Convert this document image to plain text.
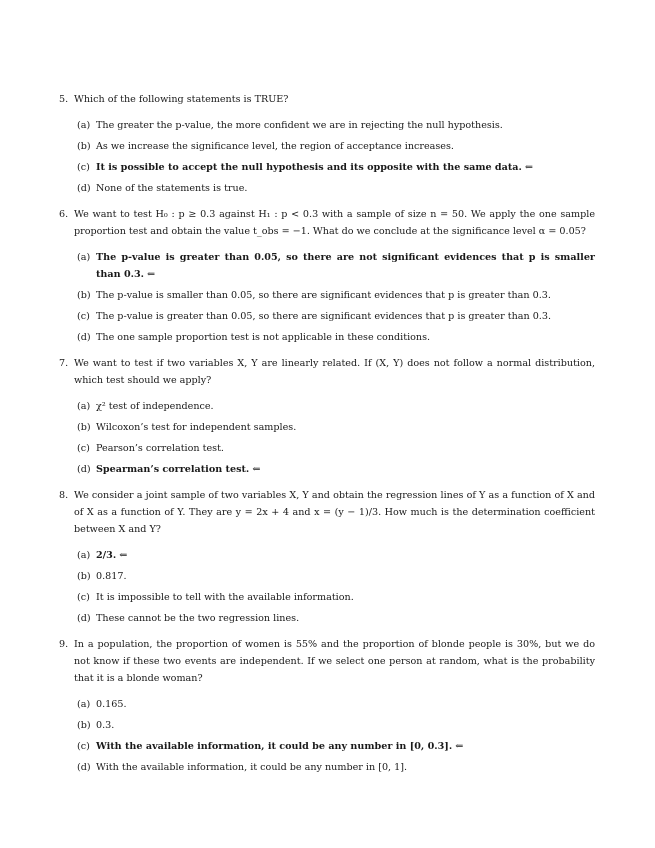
5. Which of the following statements is TRUE?
(a) The greater the p-value, the more confident we are in rejecting the null hypothesis.
(b) As we increase the significance level, the region of acceptance increases.
(c) It is possible to accept the null hypothesis and its opposite with the same data. ⇐
(d) None of the statements is true.
6. We want to test H₀ : p ≥ 0.3 against H₁ : p < 0.3 with a sample of size n = 50. We apply the one sample proportion test and obtain the value t_obs = −1. What do we conclude at the significance level α = 0.05?
(a) The p-value is greater than 0.05, so there are not significant evidences that p is smaller than 0.3. ⇐
(b) The p-value is smaller than 0.05, so there are significant evidences that p is greater than 0.3.
(c) The p-value is greater than 0.05, so there are significant evidences that p is greater than 0.3.
(d) The one sample proportion test is not applicable in these conditions.
7. We want to test if two variables X, Y are linearly related. If (X, Y) does not follow a normal distribution, which test should we apply?
(a) χ² test of independence.
(b) Wilcoxon’s test for independent samples.
(c) Pearson’s correlation test.
(d) Spearman’s correlation test. ⇐
8. We consider a joint sample of two variables X, Y and obtain the regression lines of Y as a function of X and of X as a function of Y. They are y = 2x + 4 and x = (y − 1)/3. How much is the determination coefficient between X and Y?
(a) 2/3. ⇐
(b) 0.817.
(c) It is impossible to tell with the available information.
(d) These cannot be the two regression lines.
9. In a population, the proportion of women is 55% and the proportion of blonde people is 30%, but we do not know if these two events are independent. If we select one person at random, what is the probability that it is a blonde woman?
(a) 0.165.
(b) 0.3.
(c) With the available information, it could be any number in [0, 0.3]. ⇐
(d) With the available information, it could be any number in [0, 1].
